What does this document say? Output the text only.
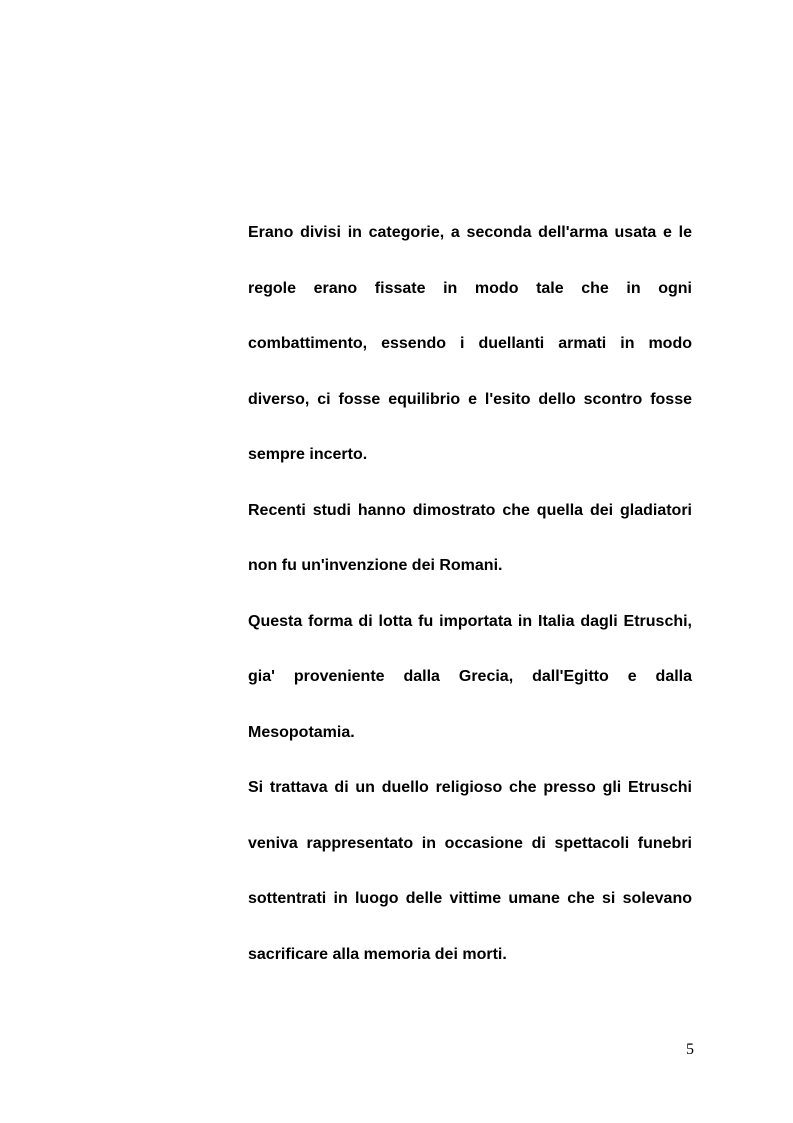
Erano divisi in categorie, a seconda dell'arma usata e le
regole erano fissate in modo tale che in ogni
combattimento, essendo i duellanti armati in modo
diverso, ci fosse equilibrio e l'esito dello scontro fosse
sempre incerto.
Recenti studi hanno dimostrato che quella dei gladiatori
non fu un'invenzione dei Romani.
Questa forma di lotta fu importata in Italia dagli Etruschi,
gia' proveniente dalla Grecia, dall'Egitto e dalla
Mesopotamia.
Si trattava di un duello religioso che presso gli Etruschi
veniva rappresentato in occasione di spettacoli funebri
sottentrati in luogo delle vittime umane che si solevano
sacrificare alla memoria dei morti.
5
